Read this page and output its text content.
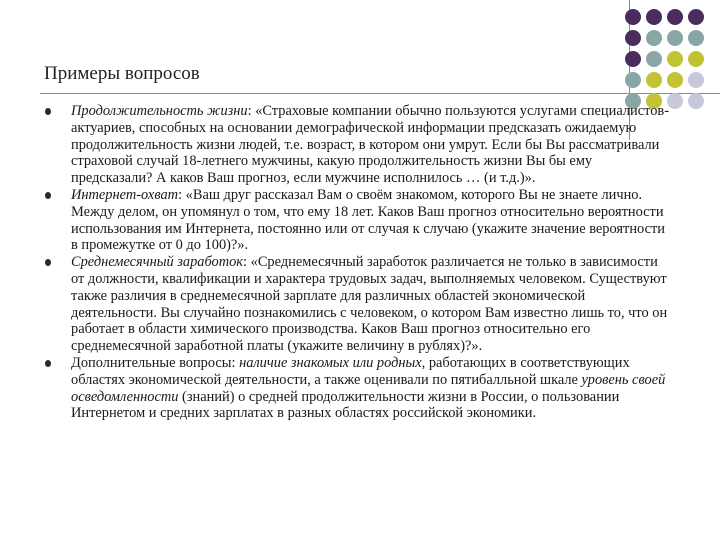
Примеры вопросов

Продолжительность жизни: «Страховые компании обычно пользуются услугами специалистов-актуариев, способных на основании демографической информации предсказать ожидаемую продолжительность жизни людей, т.е. возраст, в котором они умрут. Если бы Вы рассматривали страховой случай 18-летнего мужчины, какую продолжительность жизни Вы бы ему предсказали? А каков Ваш прогноз, если мужчине исполнилось … (и т.д.)».

Интернет-охват: «Ваш друг рассказал Вам о своём знакомом, которого Вы не знаете лично. Между делом, он упомянул о том, что ему 18 лет. Каков Ваш прогноз относительно вероятности использования им Интернета, постоянно или от случая к случаю (укажите значение вероятности в промежутке от 0 до 100)?».

Среднемесячный заработок: «Среднемесячный заработок различается не только в зависимости от должности, квалификации и характера трудовых задач, выполняемых человеком. Существуют также различия в среднемесячной зарплате для различных областей экономической деятельности. Вы случайно познакомились с человеком, о котором Вам известно лишь то, что он работает в области химического производства. Каков Ваш прогноз относительно его среднемесячной заработной платы (укажите величину в рублях)?».

Дополнительные вопросы: наличие знакомых или родных, работающих в соответствующих областях экономической деятельности, а также оценивали по пятибалльной шкале уровень своей осведомленности (знаний) о средней продолжительности жизни в России, о пользовании Интернетом и средних зарплатах в разных областях российской экономики.
